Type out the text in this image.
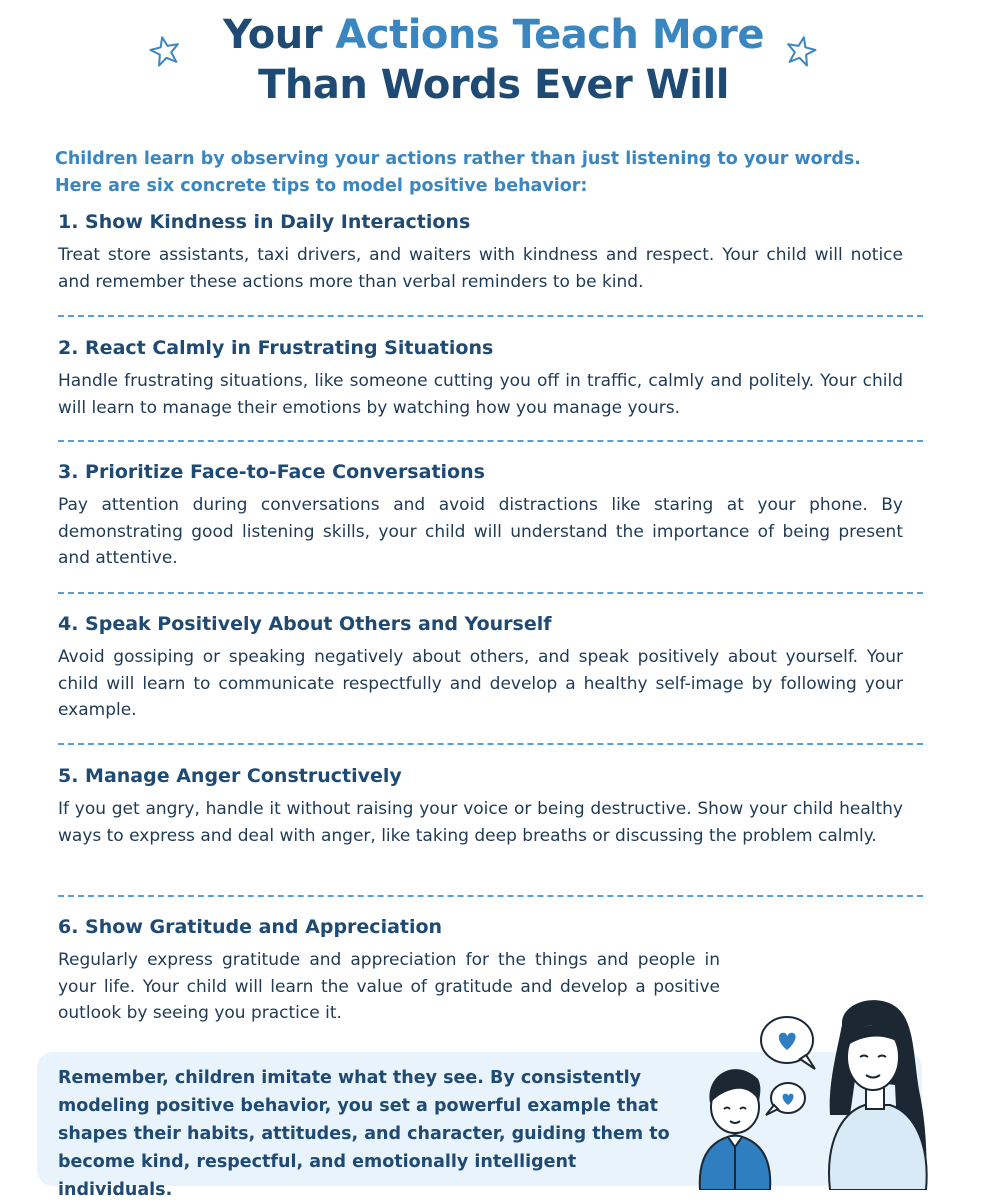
Your Actions Teach More
Than Words Ever Will
Children learn by observing your actions rather than just listening to your words. Here are six concrete tips to model positive behavior:
1. Show Kindness in Daily Interactions

Treat store assistants, taxi drivers, and waiters with kindness and respect. Your child will notice and remember these actions more than verbal reminders to be kind.

2. React Calmly in Frustrating Situations

Handle frustrating situations, like someone cutting you off in traffic, calmly and politely. Your child will learn to manage their emotions by watching how you manage yours.

3. Prioritize Face-to-Face Conversations

Pay attention during conversations and avoid distractions like staring at your phone. By demonstrating good listening skills, your child will understand the importance of being present and attentive.

4. Speak Positively About Others and Yourself

Avoid gossiping or speaking negatively about others, and speak positively about yourself. Your child will learn to communicate respectfully and develop a healthy self-image by following your example.

5. Manage Anger Constructively

If you get angry, handle it without raising your voice or being destructive. Show your child healthy ways to express and deal with anger, like taking deep breaths or discussing the problem calmly.

6. Show Gratitude and Appreciation

Regularly express gratitude and appreciation for the things and people in your life. Your child will learn the value of gratitude and develop a positive outlook by seeing you practice it.

Remember, children imitate what they see. By consistently modeling positive behavior, you set a powerful example that shapes their habits, attitudes, and character, guiding them to become kind, respectful, and emotionally intelligent individuals.
